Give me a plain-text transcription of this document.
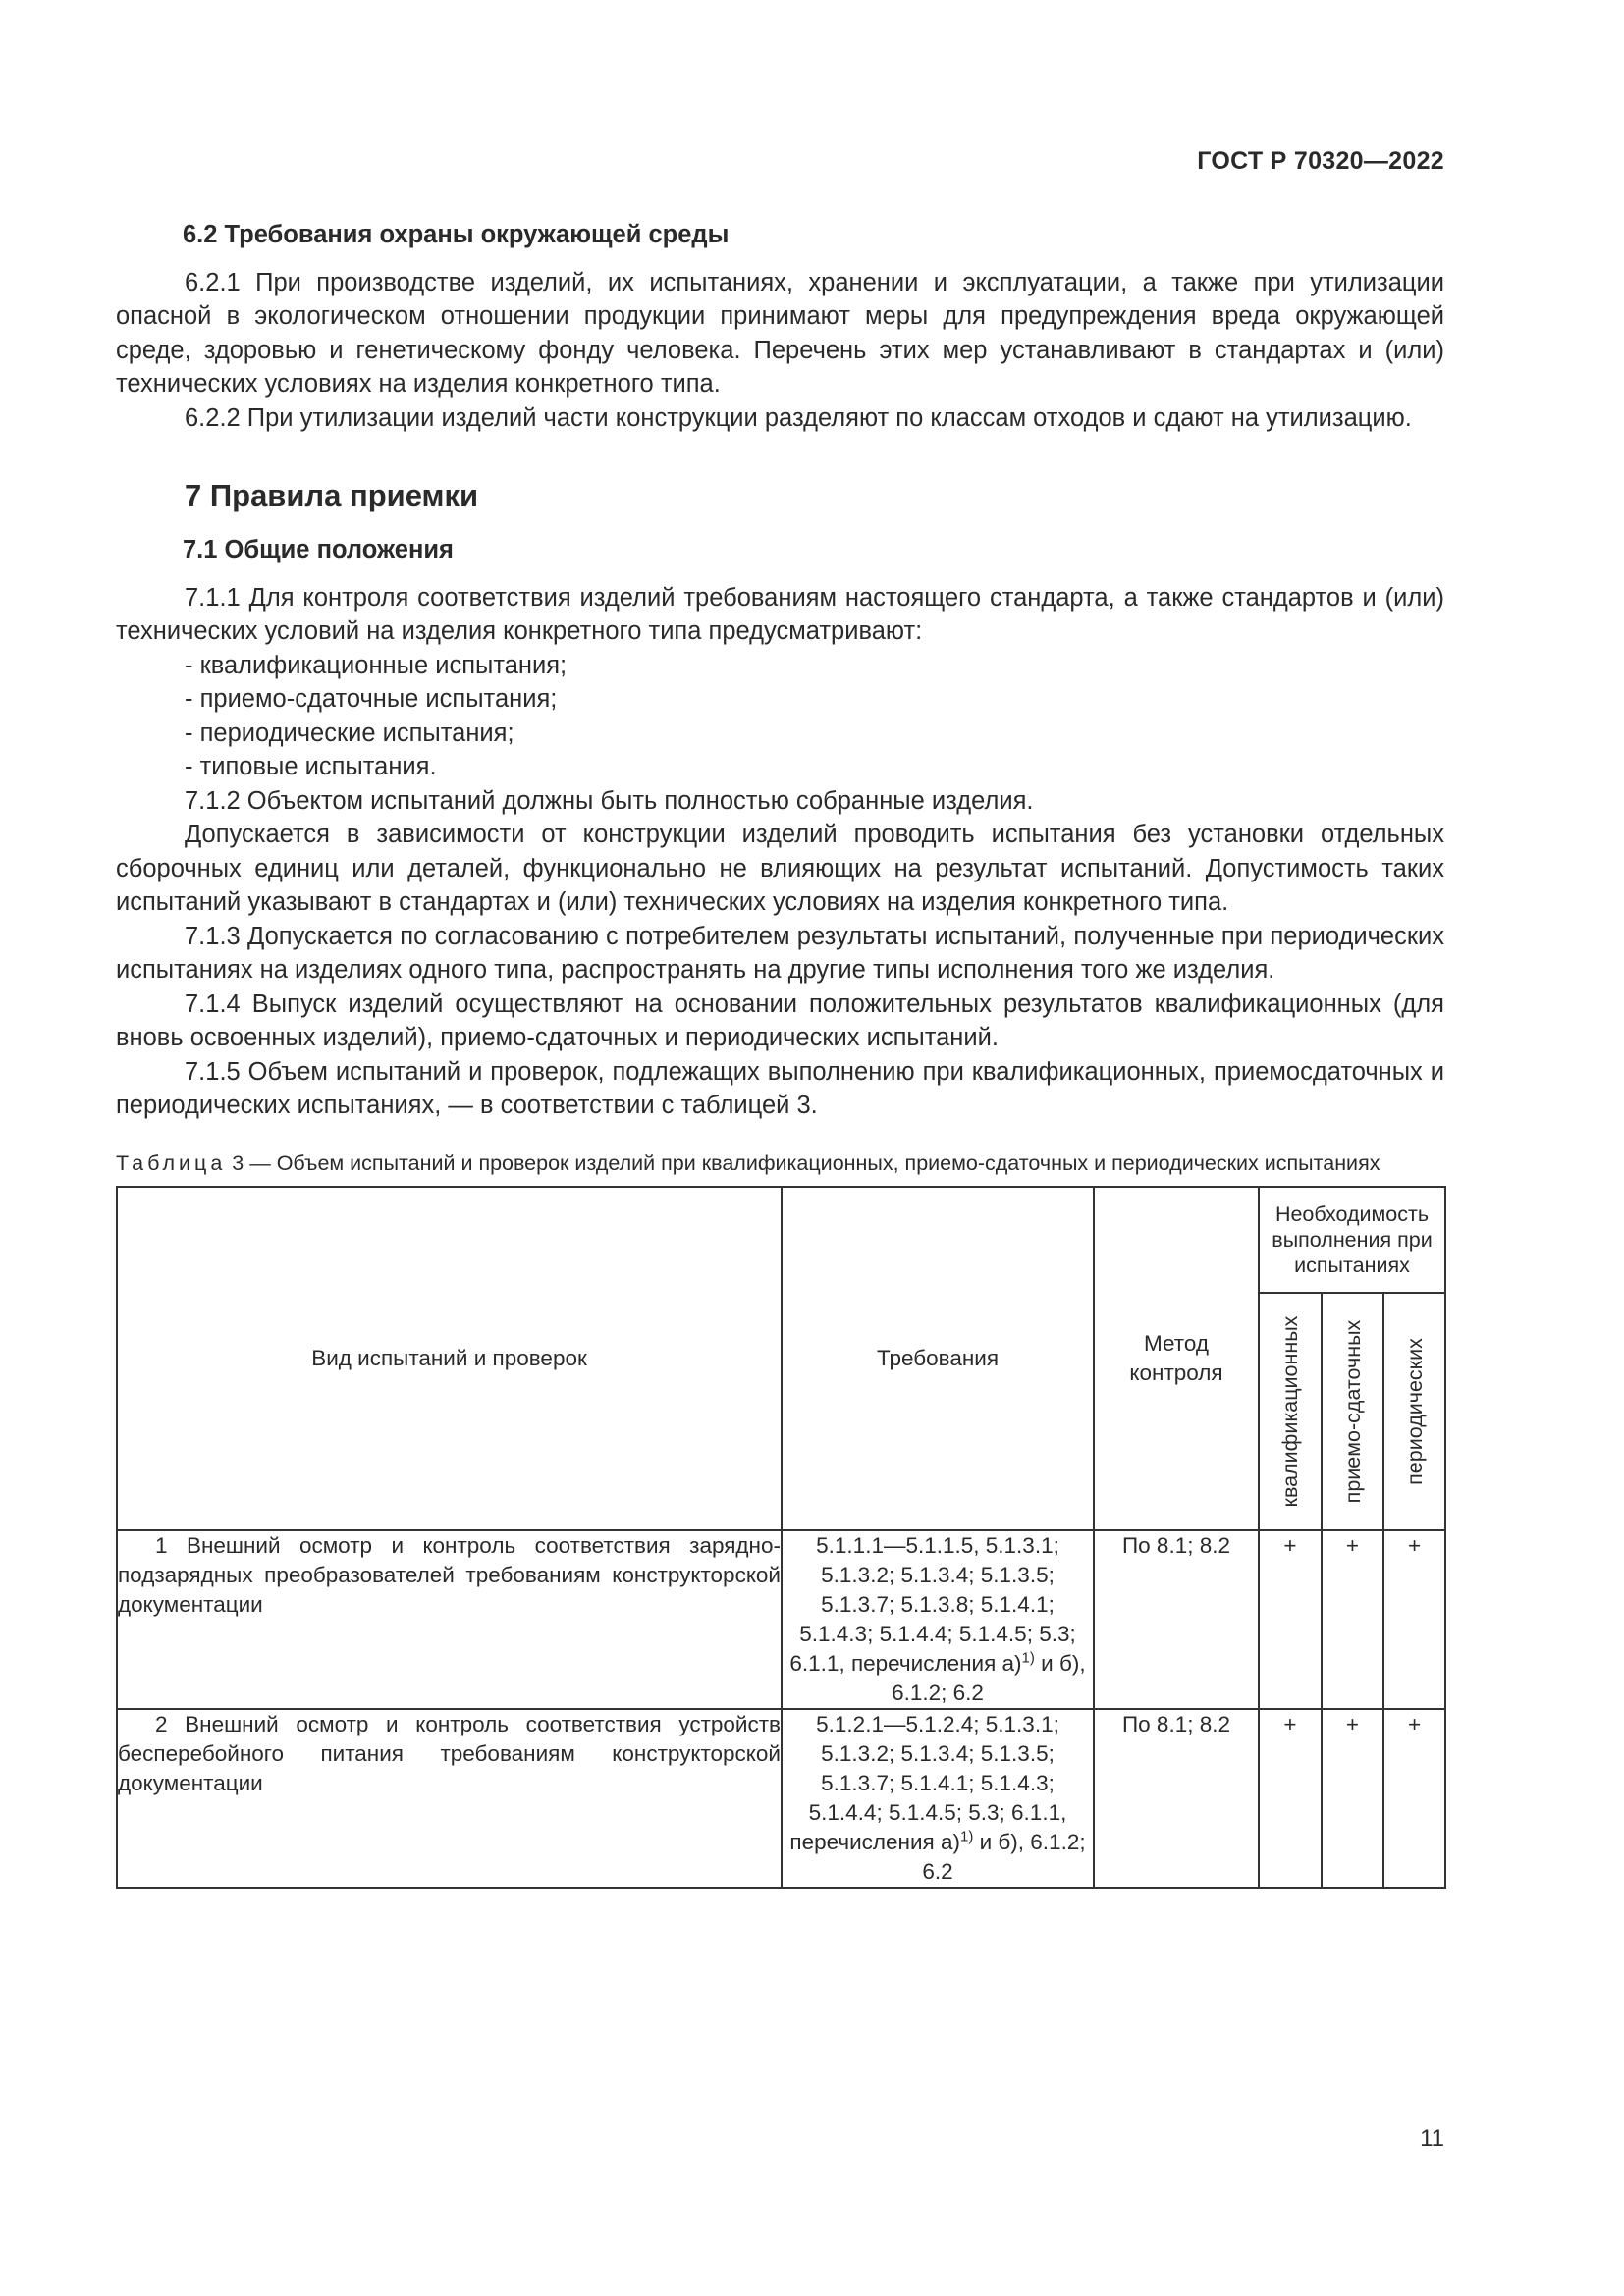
ГОСТ Р 70320—2022
6.2 Требования охраны окружающей среды

6.2.1 При производстве изделий, их испытаниях, хранении и эксплуатации, а также при утилизации опасной в экологическом отношении продукции принимают меры для предупреждения вреда окружающей среде, здоровью и генетическому фонду человека. Перечень этих мер устанавливают в стандартах и (или) технических условиях на изделия конкретного типа.

6.2.2 При утилизации изделий части конструкции разделяют по классам отходов и сдают на утилизацию.

7 Правила приемки
7.1 Общие положения

7.1.1 Для контроля соответствия изделий требованиям настоящего стандарта, а также стандартов и (или) технических условий на изделия конкретного типа предусматривают:

- квалификационные испытания;
- приемо-сдаточные испытания;
- периодические испытания;
- типовые испытания.

7.1.2 Объектом испытаний должны быть полностью собранные изделия.

Допускается в зависимости от конструкции изделий проводить испытания без установки отдельных сборочных единиц или деталей, функционально не влияющих на результат испытаний. Допустимость таких испытаний указывают в стандартах и (или) технических условиях на изделия конкретного типа.

7.1.3 Допускается по согласованию с потребителем результаты испытаний, полученные при периодических испытаниях на изделиях одного типа, распространять на другие типы исполнения того же изделия.

7.1.4 Выпуск изделий осуществляют на основании положительных результатов квалификационных (для вновь освоенных изделий), приемо-сдаточных и периодических испытаний.

7.1.5 Объем испытаний и проверок, подлежащих выполнению при квалификационных, приемосдаточных и периодических испытаниях, — в соответствии с таблицей 3.

Таблица 3 — Объем испытаний и проверок изделий при квалификационных, приемо-сдаточных и периодических испытаниях
Вид испытаний и проверок	Требования	Метод контроля	Необходимость выполнения при испытаниях		

			квалификационных	приемо-сдаточных	периодических

1 Внешний осмотр и контроль соответствия зарядно-подзарядных преобразователей требованиям конструкторской документации	5.1.1.1—5.1.1.5, 5.1.3.1; 5.1.3.2; 5.1.3.4; 5.1.3.5; 5.1.3.7; 5.1.3.8; 5.1.4.1; 5.1.4.3; 5.1.4.4; 5.1.4.5; 5.3; 6.1.1, перечисления а)$^{1)}$ и б), 6.1.2; 6.2	По 8.1; 8.2	+	+	+

2 Внешний осмотр и контроль соответствия устройств бесперебойного питания требованиям конструкторской документации	5.1.2.1—5.1.2.4; 5.1.3.1; 5.1.3.2; 5.1.3.4; 5.1.3.5; 5.1.3.7; 5.1.4.1; 5.1.4.3; 5.1.4.4; 5.1.4.5; 5.3; 6.1.1, перечисления а)$^{1)}$ и б), 6.1.2; 6.2	По 8.1; 8.2	+	+	+
11
